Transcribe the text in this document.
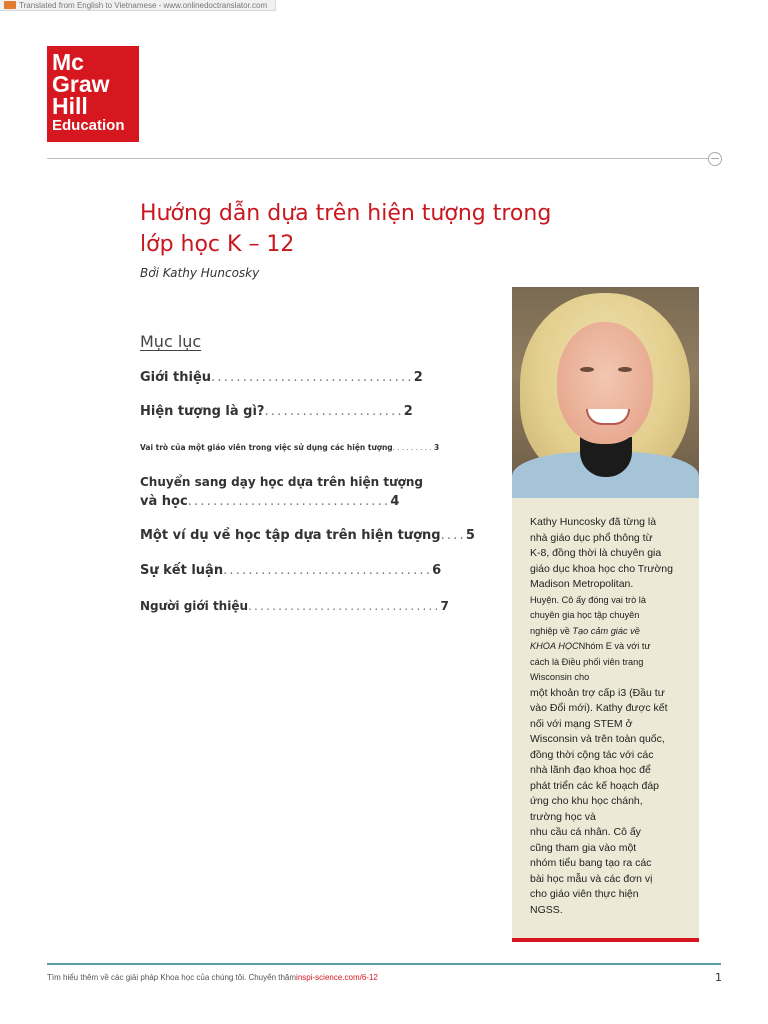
Translated from English to Vietnamese - www.onlinedoctranslator.com
Mc
Graw
Hill
Education
Hướng dẫn dựa trên hiện tượng trong
lớp học K – 12
Bởi Kathy Huncosky
Mục lục
Giới thiệu................................2
Hiện tượng là gì?......................2
Vai trò của một giáo viên trong việc sử dụng các hiện tượng.........3
Chuyển sang dạy học dựa trên hiện tượng
và học................................4
Một ví dụ về học tập dựa trên hiện tượng....5
Sự kết luận.................................6
Người giới thiệu................................7
Kathy Huncosky đã từng là
nhà giáo dục phổ thông từ
K-8, đồng thời là chuyên gia
giáo dục khoa học cho Trường
Madison Metropolitan.
Huyện. Cô ấy đóng vai trò là
chuyên gia học tập chuyên
nghiệp về Tạo cảm giác về
KHOA HỌCNhóm E và với tư
cách là Điều phối viên trang
Wisconsin cho
một khoản trợ cấp i3 (Đầu tư
vào Đổi mới). Kathy được kết
nối với mạng STEM ở
Wisconsin và trên toàn quốc,
đồng thời cộng tác với các
nhà lãnh đạo khoa học để
phát triển các kế hoạch đáp
ứng cho khu học chánh,
trường học và
nhu cầu cá nhân. Cô ấy
cũng tham gia vào một
nhóm tiểu bang tạo ra các
bài học mẫu và các đơn vị
cho giáo viên thực hiện
NGSS.
Tìm hiểu thêm về các giải pháp Khoa học của chúng tôi. Chuyến thăminspi-science.com/6-12	1
